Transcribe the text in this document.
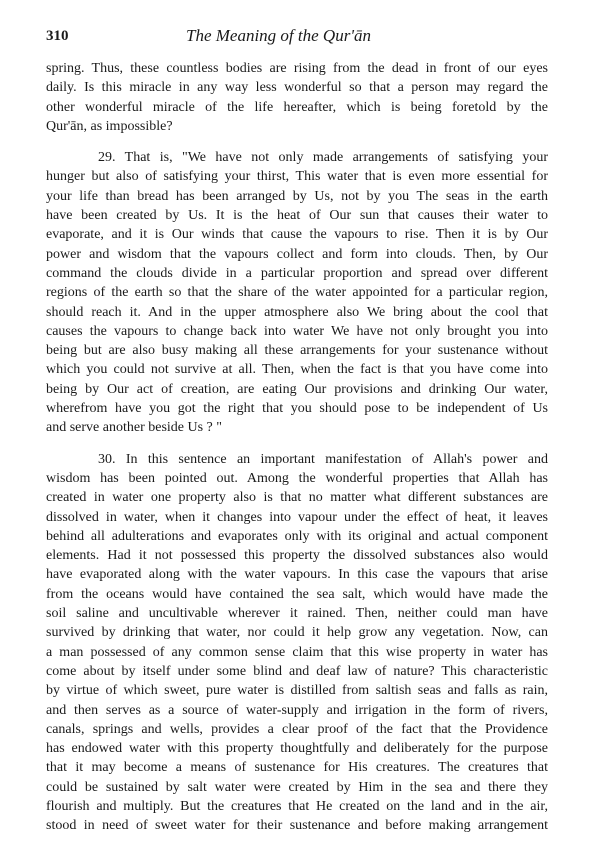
310	The Meaning of the Qur'ān

spring. Thus, these countless bodies are rising from the dead in front of our eyes
daily. Is this miracle in any way less wonderful so that a person may regard the
other wonderful miracle of the life hereafter, which is being foretold by the
Qur'ān, as impossible?

29. That is, "We have not only made arrangements of satisfying your
hunger but also of satisfying your thirst, This water that is even more essential for
your life than bread has been arranged by Us, not by you The seas in the earth
have been created by Us. It is the heat of Our sun that causes their water to
evaporate, and it is Our winds that cause the vapours to rise. Then it is by Our
power and wisdom that the vapours collect and form into clouds. Then, by Our
command the clouds divide in a particular proportion and spread over different
regions of the earth so that the share of the water appointed for a particular region,
should reach it. And in the upper atmosphere also We bring about the cool that
causes the vapours to change back into water We have not only brought you into
being but are also busy making all these arrangements for your sustenance without
which you could not survive at all. Then, when the fact is that you have come into
being by Our act of creation, are eating Our provisions and drinking Our water,
wherefrom have you got the right that you should pose to be independent of Us
and serve another beside Us ? "

30. In this sentence an important manifestation of Allah's power and
wisdom has been pointed out. Among the wonderful properties that Allah has
created in water one property also is that no matter what different substances are
dissolved in water, when it changes into vapour under the effect of heat, it leaves
behind all adulterations and evaporates only with its original and actual component
elements. Had it not possessed this property the dissolved substances also would
have evaporated along with the water vapours. In this case the vapours that arise
from the oceans would have contained the sea salt, which would have made the
soil saline and uncultivable wherever it rained. Then, neither could man have
survived by drinking that water, nor could it help grow any vegetation. Now, can
a man possessed of any common sense claim that this wise property in water has
come about by itself under some blind and deaf law of nature? This characteristic
by virtue of which sweet, pure water is distilled from saltish seas and falls as rain,
and then serves as a source of water-supply and irrigation in the form of rivers,
canals, springs and wells, provides a clear proof of the fact that the Providence
has endowed water with this property thoughtfully and deliberately for the purpose
that it may become a means of sustenance for His creatures. The creatures that
could be sustained by salt water were created by Him in the sea and there they
flourish and multiply. But the creatures that He created on the land and in the air,
stood in need of sweet water for their sustenance and before making arrangement
